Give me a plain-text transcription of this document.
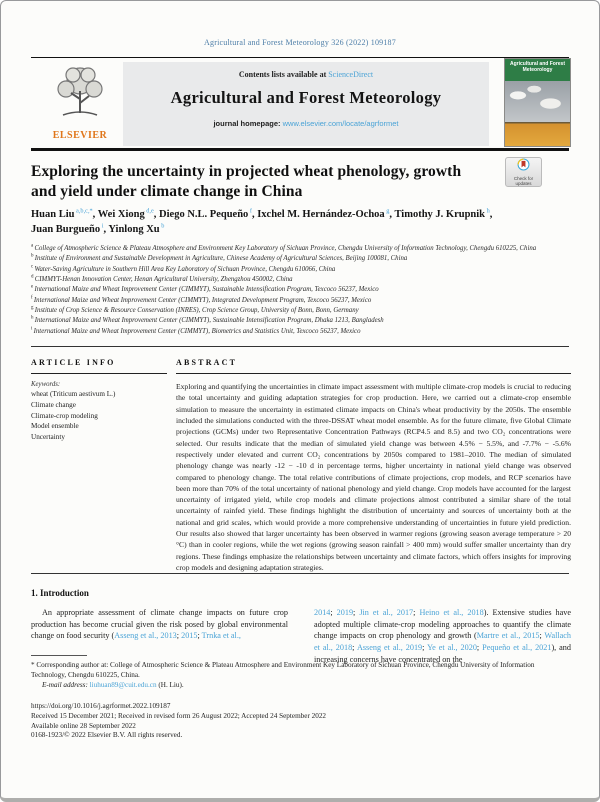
Agricultural and Forest Meteorology 326 (2022) 109187
ELSEVIER
Contents lists available at ScienceDirect
Agricultural and Forest Meteorology
journal homepage: www.elsevier.com/locate/agrformet
Agricultural and Forest Meteorology
Exploring the uncertainty in projected wheat phenology, growth and yield under climate change in China
Check for updates
Huan Liu $^{a,b,c,*}$, Wei Xiong $^{d,e}$, Diego N.L. Pequeño $^f$, Ixchel M. Hernández-Ochoa $^g$, Timothy J. Krupnik $^h$, Juan Burgueño $^i$, Yinlong Xu $^b$
$^a$ College of Atmospheric Science & Plateau Atmosphere and Environment Key Laboratory of Sichuan Province, Chengdu University of Information Technology, Chengdu 610225, China
$^b$ Institute of Environment and Sustainable Development in Agriculture, Chinese Academy of Agricultural Sciences, Beijing 100081, China
$^c$ Water-Saving Agriculture in Southern Hill Area Key Laboratory of Sichuan Province, Chengdu 610066, China
$^d$ CIMMYT-Henan Innovation Center, Henan Agricultural University, Zhengzhou 450002, China
$^e$ International Maize and Wheat Improvement Center (CIMMYT), Sustainable Intensification Program, Texcoco 56237, Mexico
$^f$ International Maize and Wheat Improvement Center (CIMMYT), Integrated Development Program, Texcoco 56237, Mexico
$^g$ Institute of Crop Science & Resource Conservation (INRES), Crop Science Group, University of Bonn, Bonn, Germany
$^h$ International Maize and Wheat Improvement Center (CIMMYT), Sustainable Intensification Program, Dhaka 1213, Bangladesh
$^i$ International Maize and Wheat Improvement Center (CIMMYT), Biometrics and Statistics Unit, Texcoco 56237, Mexico
ARTICLE INFO
Keywords:
wheat (Triticum aestivum L.)
Climate change
Climate-crop modeling
Model ensemble
Uncertainty
ABSTRACT
Exploring and quantifying the uncertainties in climate impact assessment with multiple climate-crop models is crucial to reducing the total uncertainty and guiding adaptation strategies for crop production. Here, we carried out a climate-crop ensemble simulation to measure the uncertainty in estimated climate impacts on China's wheat productivity by the 2050s. The ensemble included the simulations conducted with the three-DSSAT wheat model ensemble. As for the future climate, five Global Climate projections (GCMs) under two Representative Concentration Pathways (RCP4.5 and 8.5) and two CO₂ concentrations were selected. Our results indicate that the median of simulated yield change was between 4.5% − 5.5%, and -7.7% − -5.6% respectively under elevated and current CO₂ concentrations by 2050s compared to 1981–2010. The median of simulated phenology change was nearly -12 − -10 d in percentage terms, higher uncertainty in national yield change was observed compared to phenology change. The total relative contributions of climate projections, crop models, and RCP scenarios have been more than 70% of the total uncertainty of national phenology and yield change. Crop models have accounted for the largest uncertainty of irrigated yield, while crop models and climate projections almost contributed a similar share of the total uncertainty of rainfed yield. These findings highlight the distribution of uncertainty and sources of uncertainty both at the national and grid scales, which would provide a more comprehensive understanding of uncertainties in future yield prediction. Our results also showed that larger uncertainty has been observed in warmer regions (growing season average temperature > 20 °C) than in cooler regions, while the wet regions (growing season rainfall > 400 mm) would suffer smaller uncertainty than dry regions. These findings emphasize the relationships between uncertainty and climate factors, which offers insights for improving crop models and designing adaptation strategies.
1. Introduction

An appropriate assessment of climate change impacts on future crop production has become crucial given the risk posed by global environmental change on food security (Asseng et al., 2013; 2015; Trnka et al.,

2014; 2019; Jin et al., 2017; Heino et al., 2018). Extensive studies have adopted multiple climate-crop modeling approaches to quantify the climate change impacts on crop phenology and growth (Martre et al., 2015; Wallach et al., 2018; Asseng et al., 2019; Ye et al., 2020; Pequeño et al., 2021), and increasing concerns have concentrated on the

* Corresponding author at: College of Atmospheric Science & Plateau Atmosphere and Environment Key Laboratory of Sichuan Province, Chengdu University of Information Technology, Chengdu 610225, China.
E-mail address: liuhuan89@cuit.edu.cn (H. Liu).
https://doi.org/10.1016/j.agrformet.2022.109187
Received 15 December 2021; Received in revised form 26 August 2022; Accepted 24 September 2022
Available online 28 September 2022
0168-1923/© 2022 Elsevier B.V. All rights reserved.
